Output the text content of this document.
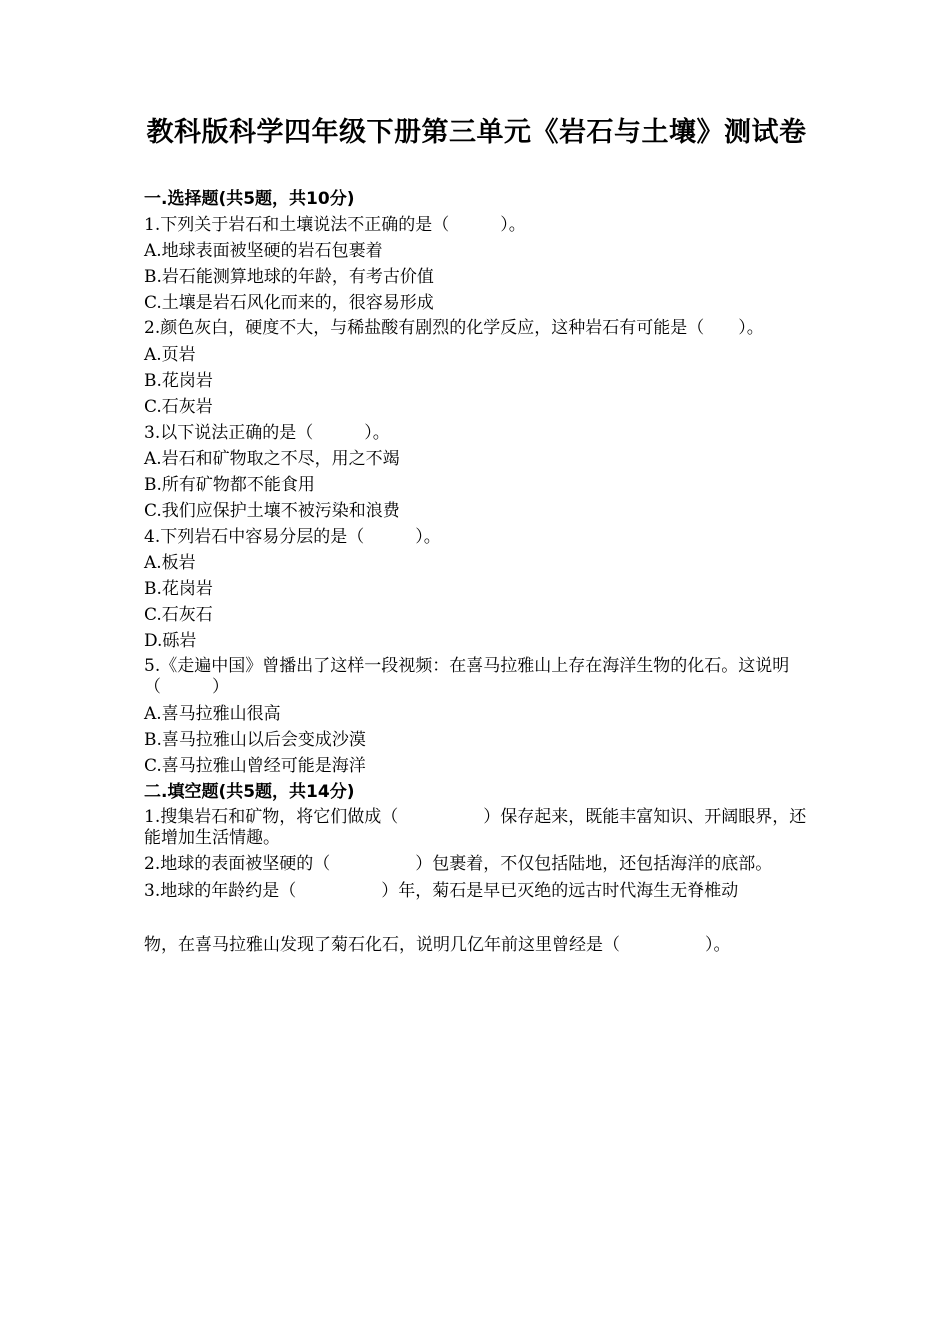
教科版科学四年级下册第三单元《岩石与土壤》测试卷
一.选择题(共5题，共10分)
1.下列关于岩石和土壤说法不正确的是（　　　）。
A.地球表面被坚硬的岩石包裹着
B.岩石能测算地球的年龄，有考古价值
C.土壤是岩石风化而来的，很容易形成
2.颜色灰白，硬度不大，与稀盐酸有剧烈的化学反应，这种岩石有可能是（　　）。
A.页岩
B.花岗岩
C.石灰岩
3.以下说法正确的是（　　　）。
A.岩石和矿物取之不尽，用之不竭
B.所有矿物都不能食用
C.我们应保护土壤不被污染和浪费
4.下列岩石中容易分层的是（　　　）。
A.板岩
B.花岗岩
C.石灰石
D.砾岩
5.《走遍中国》曾播出了这样一段视频：在喜马拉雅山上存在海洋生物的化石。这说明（　　　）
A.喜马拉雅山很高
B.喜马拉雅山以后会变成沙漠
C.喜马拉雅山曾经可能是海洋
二.填空题(共5题，共14分)
1.搜集岩石和矿物，将它们做成（　　　　　）保存起来，既能丰富知识、开阔眼界，还能增加生活情趣。
2.地球的表面被坚硬的（　　　　　）包裹着，不仅包括陆地，还包括海洋的底部。
3.地球的年龄约是（　　　　　）年，菊石是早已灭绝的远古时代海生无脊椎动
物，在喜马拉雅山发现了菊石化石，说明几亿年前这里曾经是（　　　　　）。
